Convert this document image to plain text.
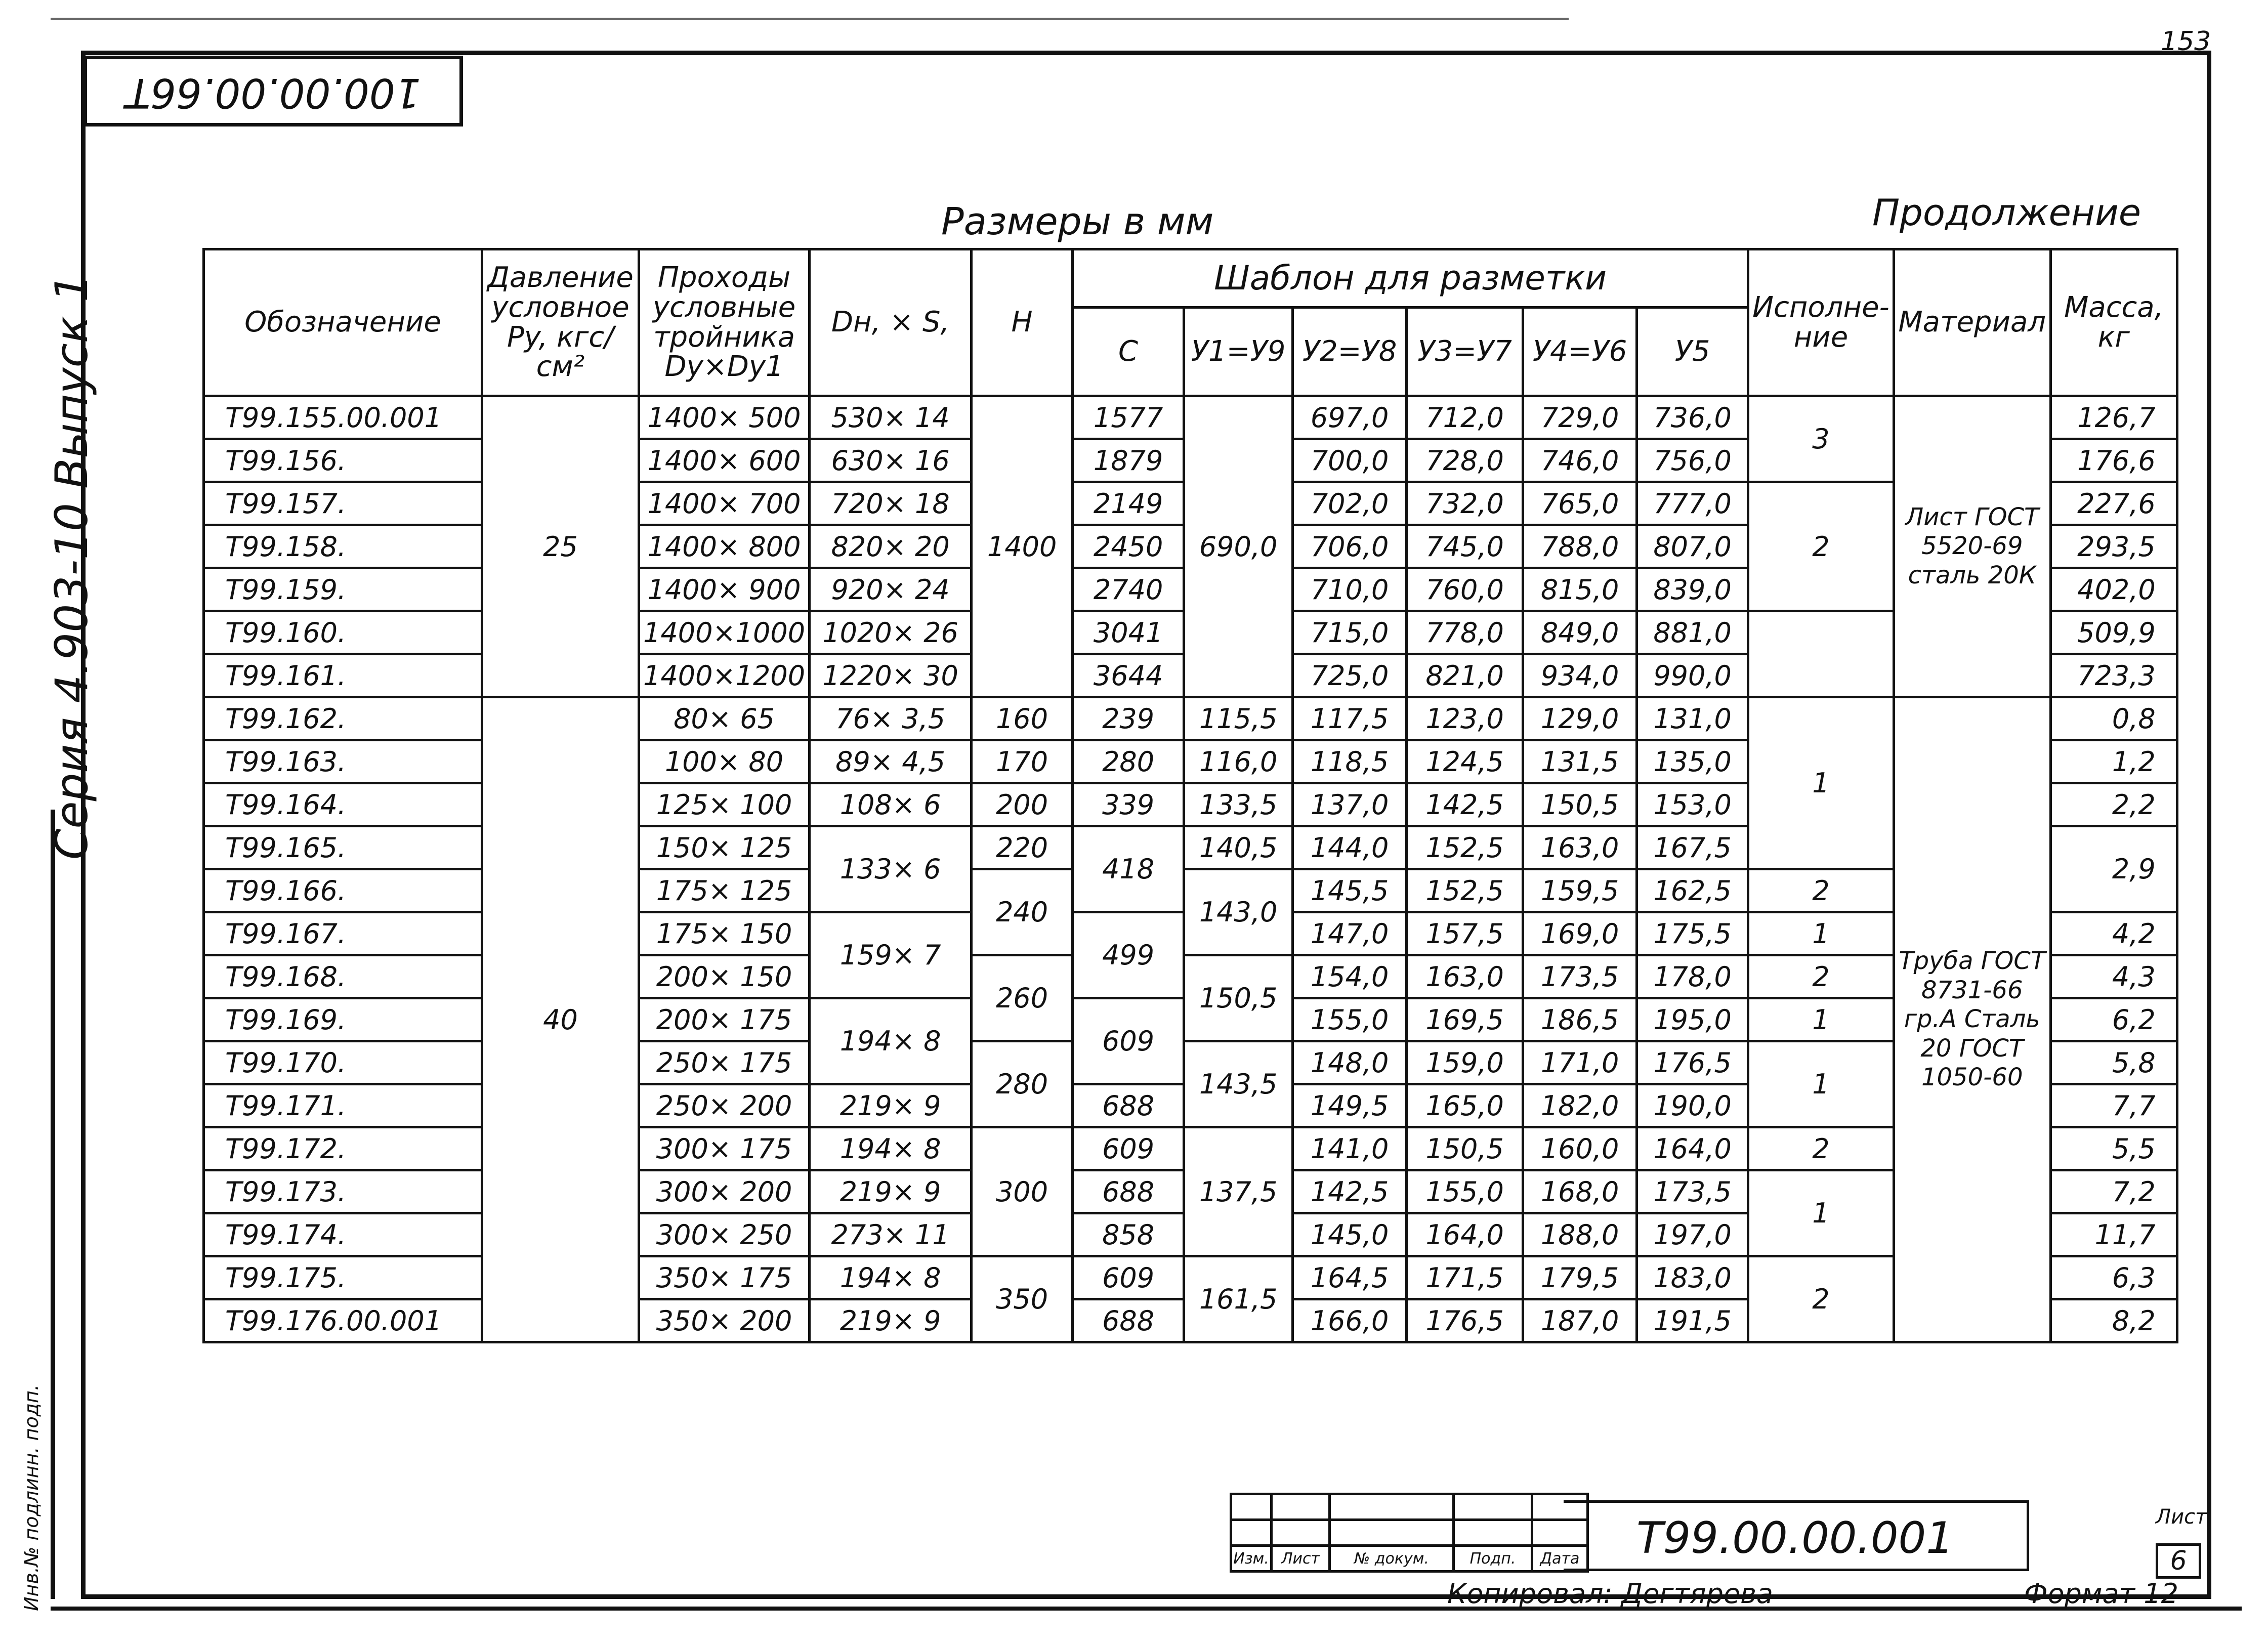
100.00.00.66T
153
Серия 4.903-10 Выпуск 1
Инв.№ подлинн. подп.
Размеры в мм	Продолжение
Обозначение	Давление условное Py, кгс/см²	Проходы условные тройника Dy×Dy1	Dн, × S,	H	Шаблон для разметки						Исполне-ние	Материал	Масса, кг
					C	У1=У9	У2=У8	У3=У7	У4=У6	У5			
Т99.155.00.001	25	1400× 500	530× 14	1400	1577	690,0	697,0	712,0	729,0	736,0	3	Лист ГОСТ 5520-69 сталь 20К	126,7
Т99.156.		1400× 600	630× 16		1879		700,0	728,0	746,0	756,0			176,6
Т99.157.		1400× 700	720× 18		2149		702,0	732,0	765,0	777,0	2		227,6
Т99.158.		1400× 800	820× 20		2450		706,0	745,0	788,0	807,0			293,5
Т99.159.		1400× 900	920× 24		2740		710,0	760,0	815,0	839,0			402,0
Т99.160.		1400×1000	1020× 26		3041		715,0	778,0	849,0	881,0			509,9
Т99.161.		1400×1200	1220× 30		3644		725,0	821,0	934,0	990,0			723,3
Т99.162.	40	80× 65	76× 3,5	160	239	115,5	117,5	123,0	129,0	131,0	1	Труба ГОСТ 8731-66 гр.А Сталь 20 ГОСТ 1050-60	0,8
Т99.163.		100× 80	89× 4,5	170	280	116,0	118,5	124,5	131,5	135,0			1,2
Т99.164.		125× 100	108× 6	200	339	133,5	137,0	142,5	150,5	153,0			2,2
Т99.165.		150× 125	133× 6	220	418	140,5	144,0	152,5	163,0	167,5			2,9
Т99.166.		175× 125		240		143,0	145,5	152,5	159,5	162,5	2		
Т99.167.		175× 150	159× 7		499		147,0	157,5	169,0	175,5	1		4,2
Т99.168.		200× 150		260		150,5	154,0	163,0	173,5	178,0	2		4,3
Т99.169.		200× 175	194× 8		609		155,0	169,5	186,5	195,0	1		6,2
Т99.170.		250× 175		280		143,5	148,0	159,0	171,0	176,5	1		5,8
Т99.171.		250× 200	219× 9		688		149,5	165,0	182,0	190,0			7,7
Т99.172.		300× 175	194× 8	300	609	137,5	141,0	150,5	160,0	164,0	2		5,5
Т99.173.		300× 200	219× 9		688		142,5	155,0	168,0	173,5	1		7,2
Т99.174.		300× 250	273× 11		858		145,0	164,0	188,0	197,0			11,7
Т99.175.		350× 175	194× 8	350	609	161,5	164,5	171,5	179,5	183,0	2		6,3
Т99.176.00.001		350× 200	219× 9		688		166,0	176,5	187,0	191,5			8,2

Изм.	Лист	№ докум.	Подп.	Дата	Т99.00.00.001	Лист
6
Копировал: Дегтярева	Формат 12
